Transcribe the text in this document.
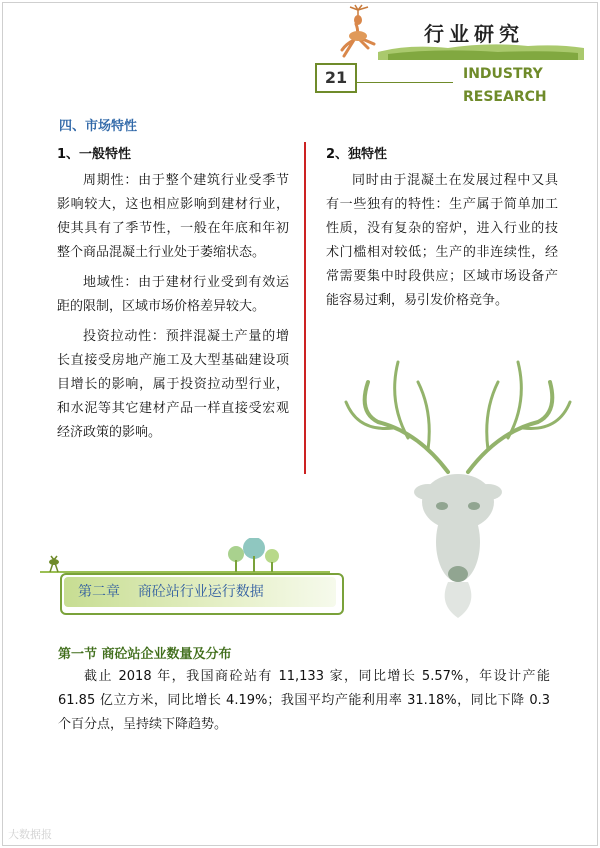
行业研究
21	INDUSTRY
RESEARCH
四、市场特性
1、一般特性

周期性：由于整个建筑行业受季节影响较大，这也相应影响到建材行业，使其具有了季节性，一般在年底和年初整个商品混凝土行业处于萎缩状态。

地域性：由于建材行业受到有效运距的限制，区域市场价格差异较大。

投资拉动性：预拌混凝土产量的增长直接受房地产施工及大型基础建设项目增长的影响，属于投资拉动型行业，和水泥等其它建材产品一样直接受宏观经济政策的影响。

2、独特性

同时由于混凝土在发展过程中又具有一些独有的特性：生产属于简单加工性质，没有复杂的窑炉，进入行业的技术门槛相对较低；生产的非连续性，经常需要集中时段供应；区域市场设备产能容易过剩，易引发价格竞争。

第二章 商砼站行业运行数据
第一节 商砼站企业数量及分布

截止 2018 年，我国商砼站有 11,133 家，同比增长 5.57%，年设计产能 61.85 亿立方米，同比增长 4.19%；我国平均产能利用率 31.18%，同比下降 0.3 个百分点，呈持续下降趋势。

大数据报
